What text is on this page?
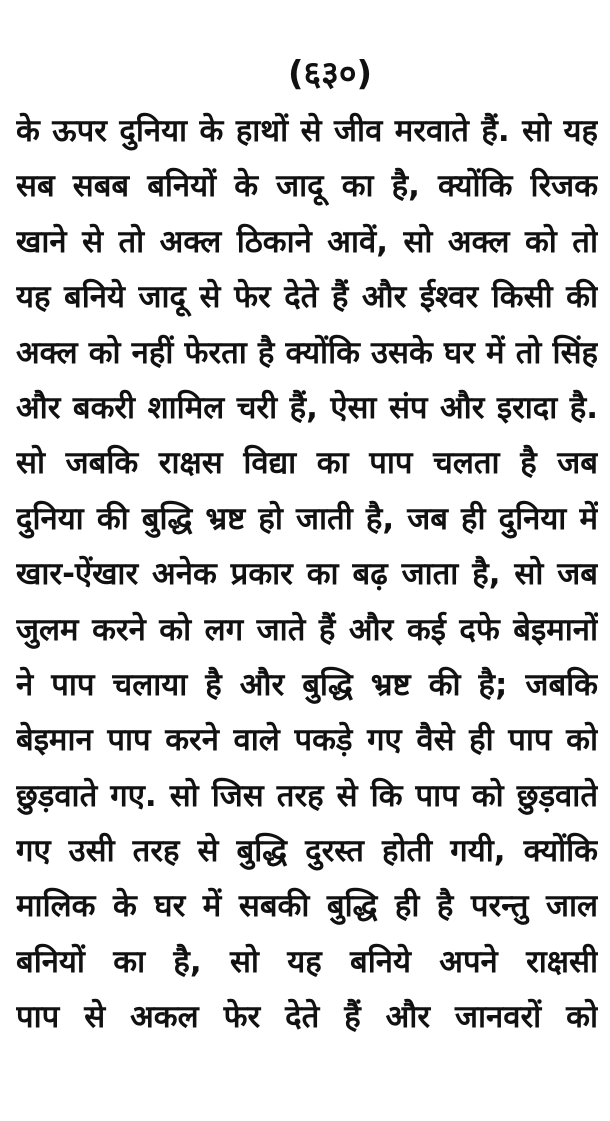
(६३०)
के ऊपर दुनिया के हाथों से जीव मरवाते हैं. सो यह
सब सबब बनियों के जादू का है, क्योंकि रिजक
खाने से तो अक्ल ठिकाने आवें, सो अक्ल को तो
यह बनिये जादू से फेर देते हैं और ईश्वर किसी की
अक्ल को नहीं फेरता है क्योंकि उसके घर में तो सिंह
और बकरी शामिल चरी हैं, ऐसा संप और इरादा है.
सो जबकि राक्षस विद्या का पाप चलता है जब
दुनिया की बुद्धि भ्रष्ट हो जाती है, जब ही दुनिया में
खार-ऐंखार अनेक प्रकार का बढ़ जाता है, सो जब
जुलम करने को लग जाते हैं और कई दफे बेइमानों
ने पाप चलाया है और बुद्धि भ्रष्ट की है; जबकि
बेइमान पाप करने वाले पकड़े गए वैसे ही पाप को
छुड़वाते गए. सो जिस तरह से कि पाप को छुड़वाते
गए उसी तरह से बुद्धि दुरस्त होती गयी, क्योंकि
मालिक के घर में सबकी बुद्धि ही है परन्तु जाल
बनियों का है, सो यह बनिये अपने राक्षसी
पाप से अकल फेर देते हैं और जानवरों को
